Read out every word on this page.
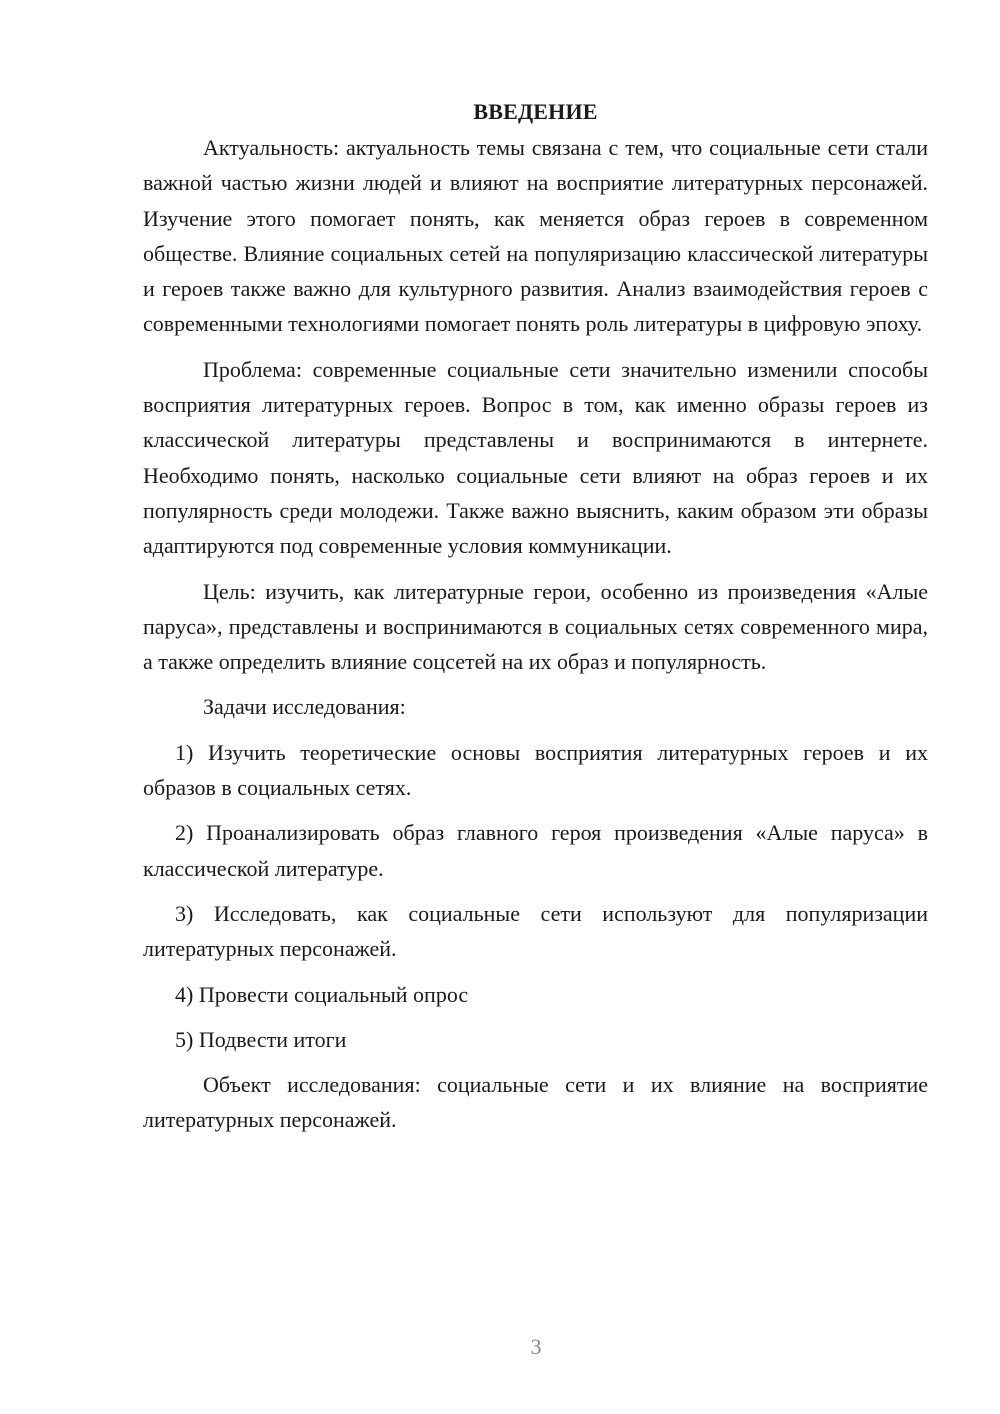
ВВЕДЕНИЕ

Актуальность: актуальность темы связана с тем, что социальные сети стали важной частью жизни людей и влияют на восприятие литературных персонажей. Изучение этого помогает понять, как меняется образ героев в современном обществе. Влияние социальных сетей на популяризацию классической литературы и героев также важно для культурного развития. Анализ взаимодействия героев с современными технологиями помогает понять роль литературы в цифровую эпоху.

Проблема: современные социальные сети значительно изменили способы восприятия литературных героев. Вопрос в том, как именно образы героев из классической литературы представлены и воспринимаются в интернете. Необходимо понять, насколько социальные сети влияют на образ героев и их популярность среди молодежи. Также важно выяснить, каким образом эти образы адаптируются под современные условия коммуникации.

Цель: изучить, как литературные герои, особенно из произведения «Алые паруса», представлены и воспринимаются в социальных сетях современного мира, а также определить влияние соцсетей на их образ и популярность.

Задачи исследования:

1) Изучить теоретические основы восприятия литературных героев и их образов в социальных сетях.

2) Проанализировать образ главного героя произведения «Алые паруса» в классической литературе.

3) Исследовать, как социальные сети используют для популяризации литературных персонажей.

4) Провести социальный опрос

5) Подвести итоги

Объект исследования: социальные сети и их влияние на восприятие литературных персонажей.

3
